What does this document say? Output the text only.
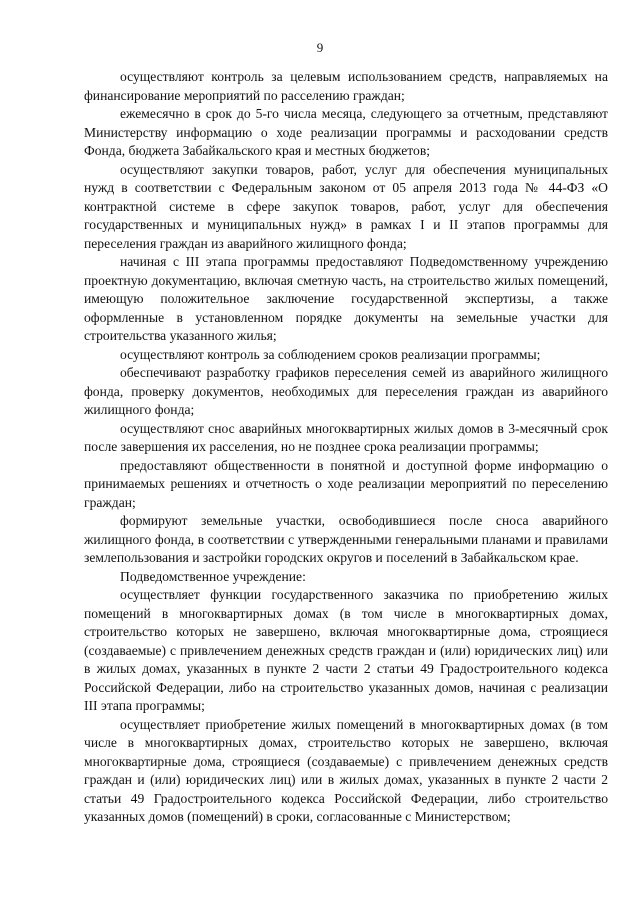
9

осуществляют контроль за целевым использованием средств, направляемых на финансирование мероприятий по расселению граждан;

ежемесячно в срок до 5-го числа месяца, следующего за отчетным, представляют Министерству информацию о ходе реализации программы и расходовании средств Фонда, бюджета Забайкальского края и местных бюджетов;

осуществляют закупки товаров, работ, услуг для обеспечения муниципальных нужд в соответствии с Федеральным законом от 05 апреля 2013 года № 44-ФЗ «О контрактной системе в сфере закупок товаров, работ, услуг для обеспечения государственных и муниципальных нужд» в рамках I и II этапов программы для переселения граждан из аварийного жилищного фонда;

начиная с III этапа программы предоставляют Подведомственному учреждению проектную документацию, включая сметную часть, на строительство жилых помещений, имеющую положительное заключение государственной экспертизы, а также оформленные в установленном порядке документы на земельные участки для строительства указанного жилья;

осуществляют контроль за соблюдением сроков реализации программы;

обеспечивают разработку графиков переселения семей из аварийного жилищного фонда, проверку документов, необходимых для переселения граждан из аварийного жилищного фонда;

осуществляют снос аварийных многоквартирных жилых домов в 3-месячный срок после завершения их расселения, но не позднее срока реализации программы;

предоставляют общественности в понятной и доступной форме информацию о принимаемых решениях и отчетность о ходе реализации мероприятий по переселению граждан;

формируют земельные участки, освободившиеся после сноса аварийного жилищного фонда, в соответствии с утвержденными генеральными планами и правилами землепользования и застройки городских округов и поселений в Забайкальском крае.

Подведомственное учреждение:

осуществляет функции государственного заказчика по приобретению жилых помещений в многоквартирных домах (в том числе в многоквартирных домах, строительство которых не завершено, включая многоквартирные дома, строящиеся (создаваемые) с привлечением денежных средств граждан и (или) юридических лиц) или в жилых домах, указанных в пункте 2 части 2 статьи 49 Градостроительного кодекса Российской Федерации, либо на строительство указанных домов, начиная с реализации III этапа программы;

осуществляет приобретение жилых помещений в многоквартирных домах (в том числе в многоквартирных домах, строительство которых не завершено, включая многоквартирные дома, строящиеся (создаваемые) с привлечением денежных средств граждан и (или) юридических лиц) или в жилых домах, указанных в пункте 2 части 2 статьи 49 Градостроительного кодекса Российской Федерации, либо строительство указанных домов (помещений) в сроки, согласованные с Министерством;
